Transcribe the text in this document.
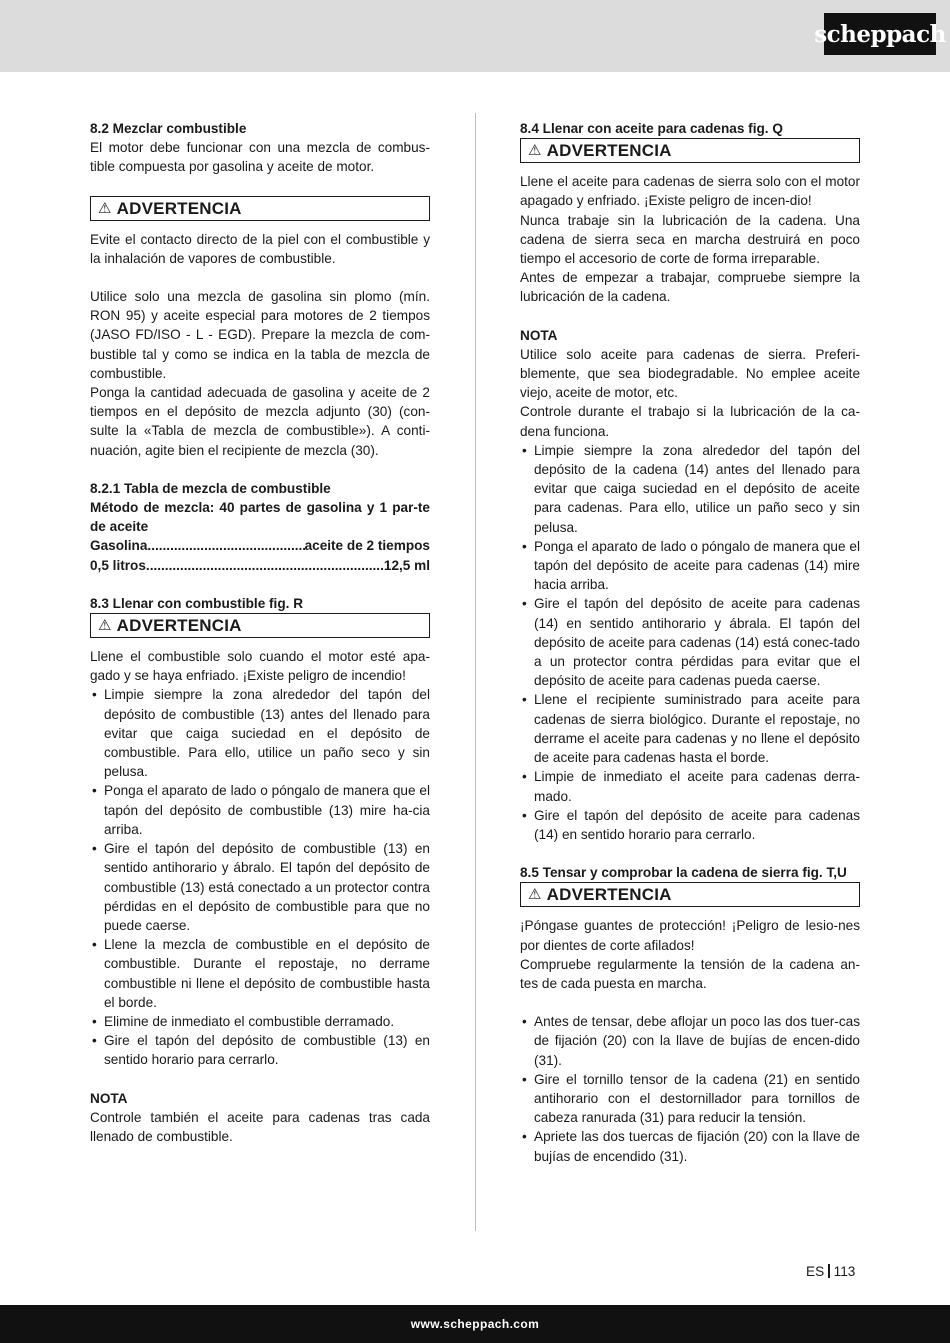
scheppach

8.2 Mezclar combustible

El motor debe funcionar con una mezcla de combus-tible compuesta por gasolina y aceite de motor.

⚠ ADVERTENCIA

Evite el contacto directo de la piel con el combustible y la inhalación de vapores de combustible.

Utilice solo una mezcla de gasolina sin plomo (mín. RON 95) y aceite especial para motores de 2 tiempos (JASO FD/ISO - L - EGD). Prepare la mezcla de com-bustible tal y como se indica en la tabla de mezcla de combustible.

Ponga la cantidad adecuada de gasolina y aceite de 2 tiempos en el depósito de mezcla adjunto (30) (con-sulte la «Tabla de mezcla de combustible»). A conti-nuación, agite bien el recipiente de mezcla (30).

8.2.1 Tabla de mezcla de combustible

Método de mezcla: 40 partes de gasolina y 1 par-te de aceite

Gasolina .....	aceite de 2 tiempos
0,5 litros .....	12,5 ml

8.3 Llenar con combustible fig. R

⚠ ADVERTENCIA

Llene el combustible solo cuando el motor esté apa-gado y se haya enfriado. ¡Existe peligro de incendio!

• Limpie siempre la zona alrededor del tapón del depósito de combustible (13) antes del llenado para evitar que caiga suciedad en el depósito de combustible. Para ello, utilice un paño seco y sin pelusa.
• Ponga el aparato de lado o póngalo de manera que el tapón del depósito de combustible (13) mire ha-cia arriba.
• Gire el tapón del depósito de combustible (13) en sentido antihorario y ábralo. El tapón del depósito de combustible (13) está conectado a un protector contra pérdidas en el depósito de combustible para que no puede caerse.
• Llene la mezcla de combustible en el depósito de combustible. Durante el repostaje, no derrame combustible ni llene el depósito de combustible hasta el borde.
• Elimine de inmediato el combustible derramado.
• Gire el tapón del depósito de combustible (13) en sentido horario para cerrarlo.

NOTA

Controle también el aceite para cadenas tras cada llenado de combustible.

8.4 Llenar con aceite para cadenas fig. Q

⚠ ADVERTENCIA

Llene el aceite para cadenas de sierra solo con el motor apagado y enfriado. ¡Existe peligro de incen-dio!

Nunca trabaje sin la lubricación de la cadena. Una cadena de sierra seca en marcha destruirá en poco tiempo el accesorio de corte de forma irreparable.

Antes de empezar a trabajar, compruebe siempre la lubricación de la cadena.

NOTA

Utilice solo aceite para cadenas de sierra. Preferi-blemente, que sea biodegradable. No emplee aceite viejo, aceite de motor, etc.

Controle durante el trabajo si la lubricación de la ca-dena funciona.

• Limpie siempre la zona alrededor del tapón del depósito de la cadena (14) antes del llenado para evitar que caiga suciedad en el depósito de aceite para cadenas. Para ello, utilice un paño seco y sin pelusa.
• Ponga el aparato de lado o póngalo de manera que el tapón del depósito de aceite para cadenas (14) mire hacia arriba.
• Gire el tapón del depósito de aceite para cadenas (14) en sentido antihorario y ábrala. El tapón del depósito de aceite para cadenas (14) está conec-tado a un protector contra pérdidas para evitar que el depósito de aceite para cadenas pueda caerse.
• Llene el recipiente suministrado para aceite para cadenas de sierra biológico. Durante el repostaje, no derrame el aceite para cadenas y no llene el depósito de aceite para cadenas hasta el borde.
• Limpie de inmediato el aceite para cadenas derra-mado.
• Gire el tapón del depósito de aceite para cadenas (14) en sentido horario para cerrarlo.

8.5 Tensar y comprobar la cadena de sierra fig. T,U

⚠ ADVERTENCIA

¡Póngase guantes de protección! ¡Peligro de lesio-nes por dientes de corte afilados!

Compruebe regularmente la tensión de la cadena an-tes de cada puesta en marcha.

• Antes de tensar, debe aflojar un poco las dos tuer-cas de fijación (20) con la llave de bujías de encen-dido (31).
• Gire el tornillo tensor de la cadena (21) en sentido antihorario con el destornillador para tornillos de cabeza ranurada (31) para reducir la tensión.
• Apriete las dos tuercas de fijación (20) con la llave de bujías de encendido (31).
ES 113
www.scheppach.com
